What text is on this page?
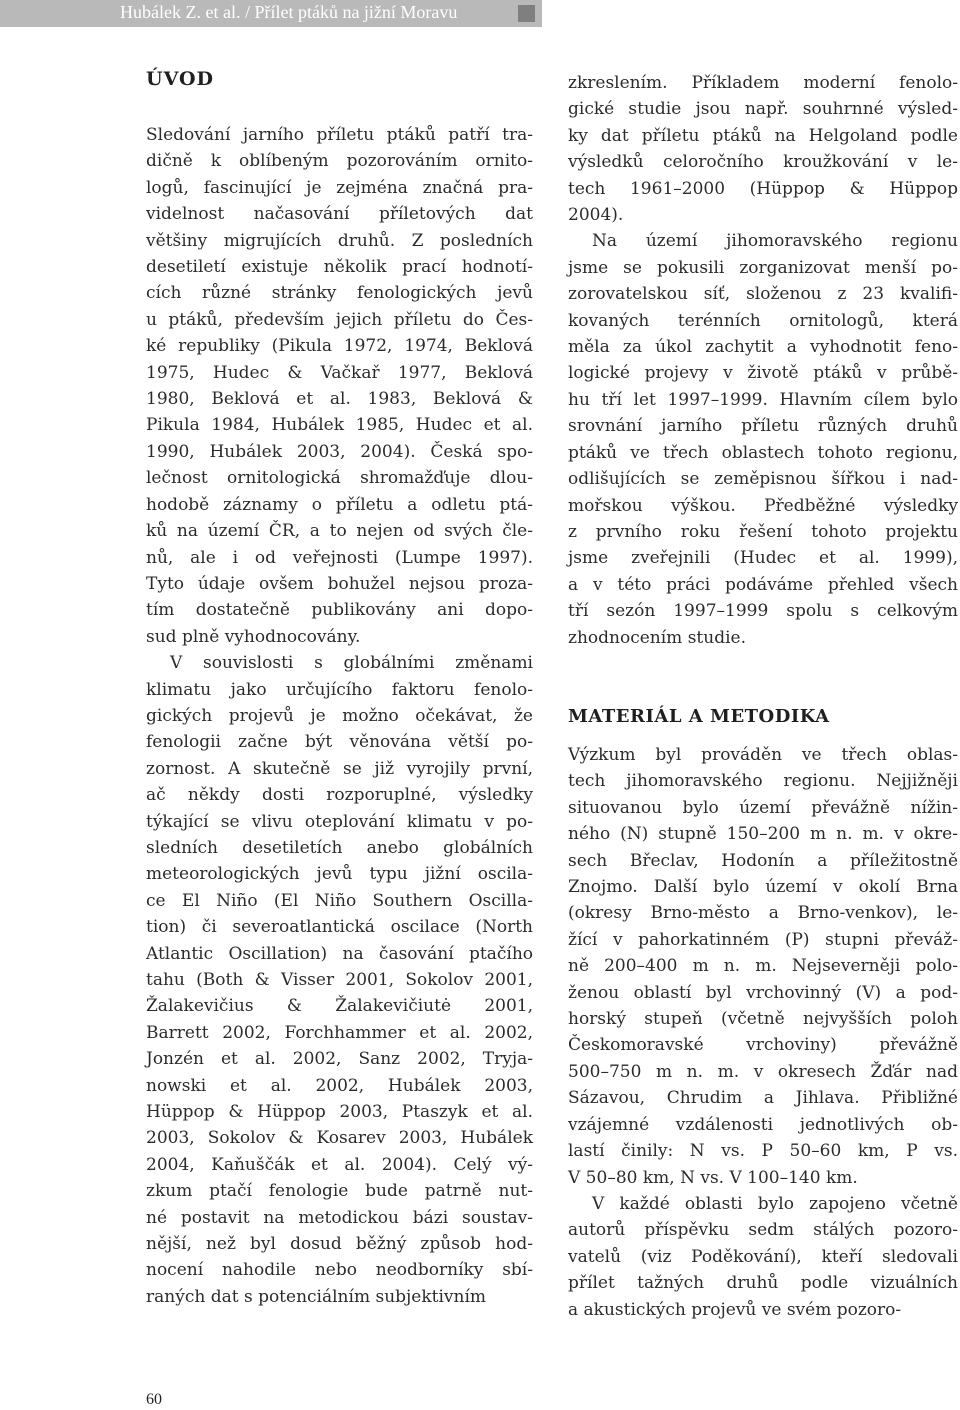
Hubálek Z. et al. / Přílet ptáků na jižní Moravu
ÚVOD
Sledování jarního příletu ptáků patří tra-
dičně k oblíbeným pozorováním ornito-
logů, fascinující je zejména značná pra-
videlnost načasování příletových dat
většiny migrujících druhů. Z posledních
desetiletí existuje několik prací hodnotí-
cích různé stránky fenologických jevů
u ptáků, především jejich příletu do Čes-
ké republiky (Pikula 1972, 1974, Beklová
1975, Hudec & Vačkař 1977, Beklová
1980, Beklová et al. 1983, Beklová &
Pikula 1984, Hubálek 1985, Hudec et al.
1990, Hubálek 2003, 2004). Česká spo-
lečnost ornitologická shromažďuje dlou-
hodobě záznamy o příletu a odletu ptá-
ků na území ČR, a to nejen od svých čle-
nů, ale i od veřejnosti (Lumpe 1997).
Tyto údaje ovšem bohužel nejsou proza-
tím dostatečně publikovány ani dopo-
sud plně vyhodnocovány.
V souvislosti s globálními změnami
klimatu jako určujícího faktoru fenolo-
gických projevů je možno očekávat, že
fenologii začne být věnována větší po-
zornost. A skutečně se již vyrojily první,
ač někdy dosti rozporuplné, výsledky
týkající se vlivu oteplování klimatu v po-
sledních desetiletích anebo globálních
meteorologických jevů typu jižní oscila-
ce El Niño (El Niño Southern Oscilla-
tion) či severoatlantická oscilace (North
Atlantic Oscillation) na časování ptačího
tahu (Both & Visser 2001, Sokolov 2001,
Žalakevičius & Žalakevičiutė 2001,
Barrett 2002, Forchhammer et al. 2002,
Jonzén et al. 2002, Sanz 2002, Tryja-
nowski et al. 2002, Hubálek 2003,
Hüppop & Hüppop 2003, Ptaszyk et al.
2003, Sokolov & Kosarev 2003, Hubálek
2004, Kaňuščák et al. 2004). Celý vý-
zkum ptačí fenologie bude patrně nut-
né postavit na metodickou bázi soustav-
nější, než byl dosud běžný způsob hod-
nocení nahodile nebo neodborníky sbí-
raných dat s potenciálním subjektivním
zkreslením. Příkladem moderní fenolo-
gické studie jsou např. souhrnné výsled-
ky dat příletu ptáků na Helgoland podle
výsledků celoročního kroužkování v le-
tech 1961–2000 (Hüppop & Hüppop
2004).
Na území jihomoravského regionu
jsme se pokusili zorganizovat menší po-
zorovatelskou síť, složenou z 23 kvalifi-
kovaných terénních ornitologů, která
měla za úkol zachytit a vyhodnotit feno-
logické projevy v životě ptáků v průbě-
hu tří let 1997–1999. Hlavním cílem bylo
srovnání jarního příletu různých druhů
ptáků ve třech oblastech tohoto regionu,
odlišujících se zeměpisnou šířkou i nad-
mořskou výškou. Předběžné výsledky
z prvního roku řešení tohoto projektu
jsme zveřejnili (Hudec et al. 1999),
a v této práci podáváme přehled všech
tří sezón 1997–1999 spolu s celkovým
zhodnocením studie.
MATERIÁL A METODIKA
Výzkum byl prováděn ve třech oblas-
tech jihomoravského regionu. Nejjižněji
situovanou bylo území převážně nížin-
ného (N) stupně 150–200 m n. m. v okre-
sech Břeclav, Hodonín a příležitostně
Znojmo. Další bylo území v okolí Brna
(okresy Brno-město a Brno-venkov), le-
žící v pahorkatinném (P) stupni převáž-
ně 200–400 m n. m. Nejseverněji polo-
ženou oblastí byl vrchovinný (V) a pod-
horský stupeň (včetně nejvyšších poloh
Českomoravské vrchoviny) převážně
500–750 m n. m. v okresech Žďár nad
Sázavou, Chrudim a Jihlava. Přibližné
vzájemné vzdálenosti jednotlivých ob-
lastí činily: N vs. P 50–60 km, P vs.
V 50–80 km, N vs. V 100–140 km.
V každé oblasti bylo zapojeno včetně
autorů příspěvku sedm stálých pozoro-
vatelů (viz Poděkování), kteří sledovali
přílet tažných druhů podle vizuálních
a akustických projevů ve svém pozoro-
60
